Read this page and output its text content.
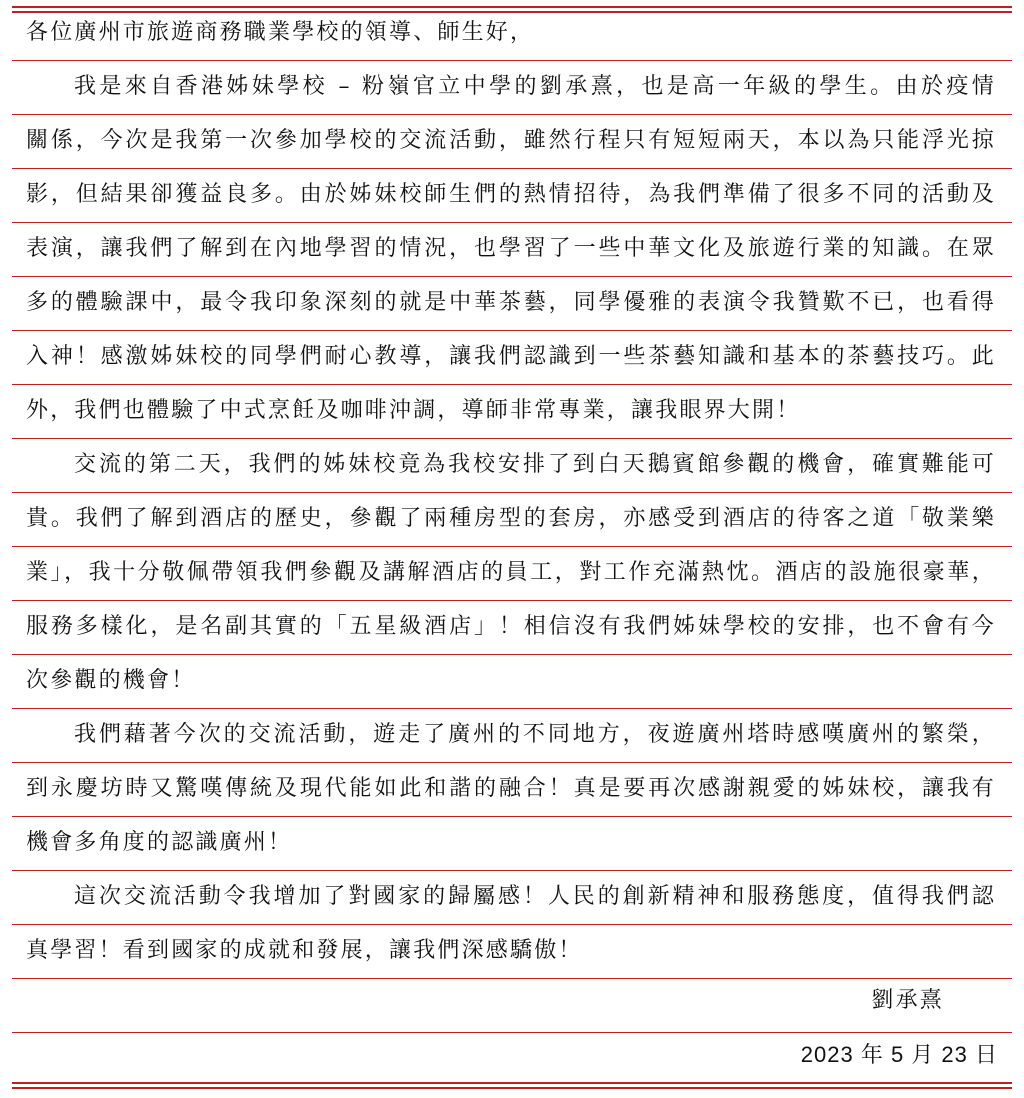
各位廣州市旅遊商務職業學校的領導、師生好，
我是來自香港姊妹學校 – 粉嶺官立中學的劉承熹，也是高一年級的學生。由於疫情
關係，今次是我第一次參加學校的交流活動，雖然行程只有短短兩天，本以為只能浮光掠
影，但結果卻獲益良多。由於姊妹校師生們的熱情招待，為我們準備了很多不同的活動及
表演，讓我們了解到在內地學習的情況，也學習了一些中華文化及旅遊行業的知識。在眾
多的體驗課中，最令我印象深刻的就是中華茶藝，同學優雅的表演令我贊歎不已，也看得
入神！感激姊妹校的同學們耐心教導，讓我們認識到一些茶藝知識和基本的茶藝技巧。此
外，我們也體驗了中式烹飪及咖啡沖調，導師非常專業，讓我眼界大開！
交流的第二天，我們的姊妹校竟為我校安排了到白天鵝賓館參觀的機會，確實難能可
貴。我們了解到酒店的歷史，參觀了兩種房型的套房，亦感受到酒店的待客之道「敬業樂
業」，我十分敬佩帶領我們參觀及講解酒店的員工，對工作充滿熱忱。酒店的設施很豪華，
服務多樣化，是名副其實的「五星級酒店」！相信沒有我們姊妹學校的安排，也不會有今
次參觀的機會！
我們藉著今次的交流活動，遊走了廣州的不同地方，夜遊廣州塔時感嘆廣州的繁榮，
到永慶坊時又驚嘆傳統及現代能如此和諧的融合！真是要再次感謝親愛的姊妹校，讓我有
機會多角度的認識廣州！
這次交流活動令我增加了對國家的歸屬感！人民的創新精神和服務態度，值得我們認
真學習！看到國家的成就和發展，讓我們深感驕傲！
劉承熹
2023 年 5 月 23 日
